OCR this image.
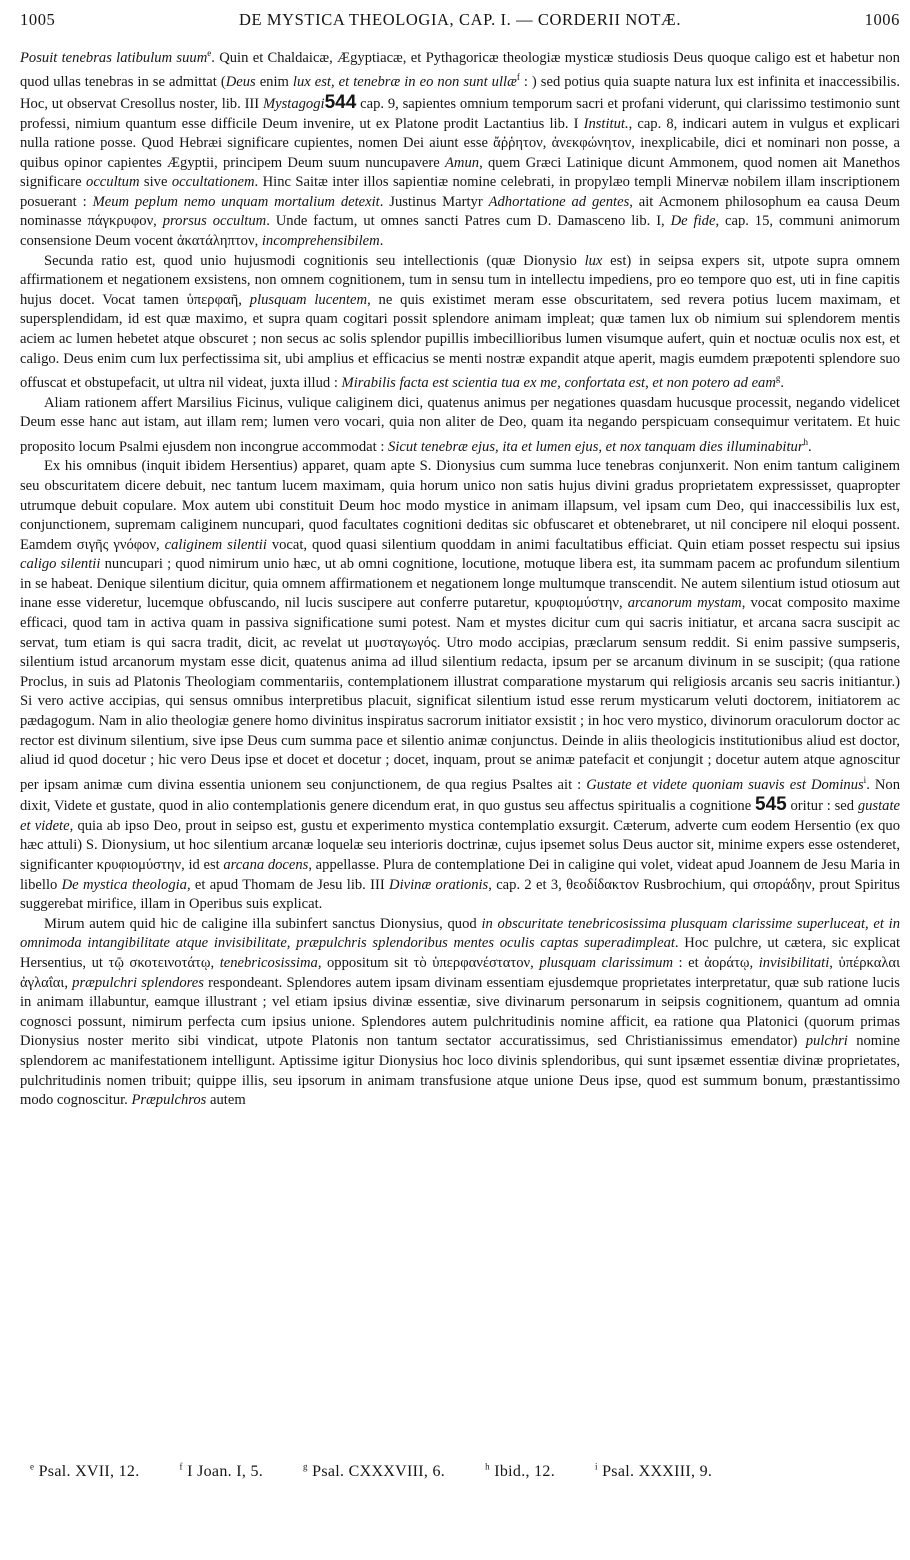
1005	DE MYSTICA THEOLOGIA, CAP. I. — CORDERII NOTÆ.	1006

Posuit tenebras latibulum suum$^e$. Quin et Chaldaicæ, Ægyptiacæ, et Pythagoricæ theologiæ mysticæ studiosis Deus quoque caligo est et habetur non quod ullas tenebras in se admittat (Deus enim lux est, et tenebræ in eo non sunt ullæ$^f$ : ) sed potius quia suapte natura lux est infinita et inaccessibilis. Hoc, ut observat Cresollus noster, lib. III Mystagogi544 cap. 9, sapientes omnium temporum sacri et profani viderunt, qui clarissimo testimonio sunt professi, nimium quantum esse difficile Deum invenire, ut ex Platone prodit Lactantius lib. I Institut., cap. 8, indicari autem in vulgus et explicari nulla ratione posse. Quod Hebræi significare cupientes, nomen Dei aiunt esse ἄῤῥητον, ἀνεκφώνητον, inexplicabile, dici et nominari non posse, a quibus opinor capientes Ægyptii, principem Deum suum nuncupavere Amun, quem Græci Latinique dicunt Ammonem, quod nomen ait Manethos significare occultum sive occultationem. Hinc Saitæ inter illos sapientiæ nomine celebrati, in propylæo templi Minervæ nobilem illam inscriptionem posuerant : Meum peplum nemo unquam mortalium detexit. Justinus Martyr Adhortatione ad gentes, ait Acmonem philosophum ea causa Deum nominasse πάγκρυφον, prorsus occultum. Unde factum, ut omnes sancti Patres cum D. Damasceno lib. I, De fide, cap. 15, communi animorum consensione Deum vocent ἀκατάληπτον, incomprehensibilem.

Secunda ratio est, quod unio hujusmodi cognitionis seu intellectionis (quæ Dionysio lux est) in seipsa expers sit, utpote supra omnem affirmationem et negationem exsistens, non omnem cognitionem, tum in sensu tum in intellectu impediens, pro eo tempore quo est, uti in fine capitis hujus docet. Vocat tamen ὑπερφαῆ, plusquam lucentem, ne quis existimet meram esse obscuritatem, sed revera potius lucem maximam, et supersplendidam, id est quæ maximo, et supra quam cogitari possit splendore animam impleat; quæ tamen lux ob nimium sui splendorem mentis aciem ac lumen hebetet atque obscuret ; non secus ac solis splendor pupillis imbecillioribus lumen visumque aufert, quin et noctuæ oculis nox est, et caligo. Deus enim cum lux perfectissima sit, ubi amplius et efficacius se menti nostræ expandit atque aperit, magis eumdem præpotenti splendore suo offuscat et obstupefacit, ut ultra nil videat, juxta illud : Mirabilis facta est scientia tua ex me, confortata est, et non potero ad eam$^g$.

Aliam rationem affert Marsilius Ficinus, vulique caliginem dici, quatenus animus per negationes quasdam hucusque processit, negando videlicet Deum esse hanc aut istam, aut illam rem; lumen vero vocari, quia non aliter de Deo, quam ita negando perspicuam consequimur veritatem. Et huic proposito locum Psalmi ejusdem non incongrue accommodat : Sicut tenebræ ejus, ita et lumen ejus, et nox tanquam dies illuminabitur$^h$.

Ex his omnibus (inquit ibidem Hersentius) apparet, quam apte S. Dionysius cum summa luce tenebras conjunxerit. Non enim tantum caliginem seu obscuritatem dicere debuit, nec tantum lucem maximam, quia horum unico non satis hujus divini gradus proprietatem expressisset, quapropter utrumque debuit copulare. Mox autem ubi constituit Deum hoc modo mystice in animam illapsum, vel ipsam cum Deo, qui inaccessibilis lux est, conjunctionem, supremam caliginem nuncupari, quod facultates cognitioni deditas sic obfuscaret et obtenebraret, ut nil concipere nil eloqui possent. Eamdem σιγῆς γνόφον, caliginem silentii vocat, quod quasi silentium quoddam in animi facultatibus efficiat. Quin etiam posset respectu sui ipsius caligo silentii nuncupari ; quod nimirum unio hæc, ut ab omni cognitione, locutione, motuque libera est, ita summam pacem ac profundum silentium in se habeat. Denique silentium dicitur, quia omnem affirmationem et negationem longe multumque transcendit. Ne autem silentium istud otiosum aut inane esse videretur, lucemque obfuscando, nil lucis suscipere aut conferre putaretur, κρυφιομύστην, arcanorum mystam, vocat composito maxime efficaci, quod tam in activa quam in passiva significatione sumi potest. Nam et mystes dicitur cum qui sacris initiatur, et arcana sacra suscipit ac servat, tum etiam is qui sacra tradit, dicit, ac revelat ut μυσταγωγός. Utro modo accipias, præclarum sensum reddit. Si enim passive sumpseris, silentium istud arcanorum mystam esse dicit, quatenus anima ad illud silentium redacta, ipsum per se arcanum divinum in se suscipit; (qua ratione Proclus, in suis ad Platonis Theologiam commentariis, contemplationem illustrat comparatione mystarum qui religiosis arcanis seu sacris initiantur.) Si vero active accipias, qui sensus omnibus interpretibus placuit, significat silentium istud esse rerum mysticarum veluti doctorem, initiatorem ac pædagogum. Nam in alio theologiæ genere homo divinitus inspiratus sacrorum initiator exsistit ; in hoc vero mystico, divinorum oraculorum doctor ac rector est divinum silentium, sive ipse Deus cum summa pace et silentio animæ conjunctus. Deinde in aliis theologicis institutionibus aliud est doctor, aliud id quod docetur ; hic vero Deus ipse et docet et docetur ; docet, inquam, prout se animæ patefacit et conjungit ; docetur autem atque agnoscitur per ipsam animæ cum divina essentia unionem seu conjunctionem, de qua regius Psaltes ait : Gustate et videte quoniam suavis est Dominus$^i$. Non dixit, Videte et gustate, quod in alio contemplationis genere dicendum erat, in quo gustus seu affectus spiritualis a cognitione 545 oritur : sed gustate et videte, quia ab ipso Deo, prout in seipso est, gustu et experimento mystica contemplatio exsurgit. Cæterum, adverte cum eodem Hersentio (ex quo hæc attuli) S. Dionysium, ut hoc silentium arcanæ loquelæ seu interioris doctrinæ, cujus ipsemet solus Deus auctor sit, minime expers esse ostenderet, significanter κρυφιομύστην, id est arcana docens, appellasse. Plura de contemplatione Dei in caligine qui volet, videat apud Joannem de Jesu Maria in libello De mystica theologia, et apud Thomam de Jesu lib. III Divinæ orationis, cap. 2 et 3, θεοδίδακτον Rusbrochium, qui σποράδην, prout Spiritus suggerebat mirifice, illam in Operibus suis explicat.

Mirum autem quid hic de caligine illa subinfert sanctus Dionysius, quod in obscuritate tenebricosissima plusquam clarissime superluceat, et in omnimoda intangibilitate atque invisibilitate, præpulchris splendoribus mentes oculis captas superadimpleat. Hoc pulchre, ut cætera, sic explicat Hersentius, ut τῷ σκοτεινοτάτῳ, tenebricosissima, oppositum sit τὸ ὑπερφανέστατον, plusquam clarissimum : et ἀοράτῳ, invisibilitati, ὑπέρκαλαι ἀγλαΐαι, præpulchri splendores respondeant. Splendores autem ipsam divinam essentiam ejusdemque proprietates interpretatur, quæ sub ratione lucis in animam illabuntur, eamque illustrant ; vel etiam ipsius divinæ essentiæ, sive divinarum personarum in seipsis cognitionem, quantum ad omnia cognosci possunt, nimirum perfecta cum ipsius unione. Splendores autem pulchritudinis nomine afficit, ea ratione qua Platonici (quorum primas Dionysius noster merito sibi vindicat, utpote Platonis non tantum sectator accuratissimus, sed Christianissimus emendator) pulchri nomine splendorem ac manifestationem intelligunt. Aptissime igitur Dionysius hoc loco divinis splendoribus, qui sunt ipsæmet essentiæ divinæ proprietates, pulchritudinis nomen tribuit; quippe illis, seu ipsorum in animam transfusione atque unione Deus ipse, quod est summum bonum, præstantissimo modo cognoscitur. Præpulchros autem

$^e$ Psal. XVII, 12.	$^f$ I Joan. I, 5.	$^g$ Psal. CXXXVIII, 6.	$^h$ Ibid., 12.	$^i$ Psal. XXXIII, 9.
